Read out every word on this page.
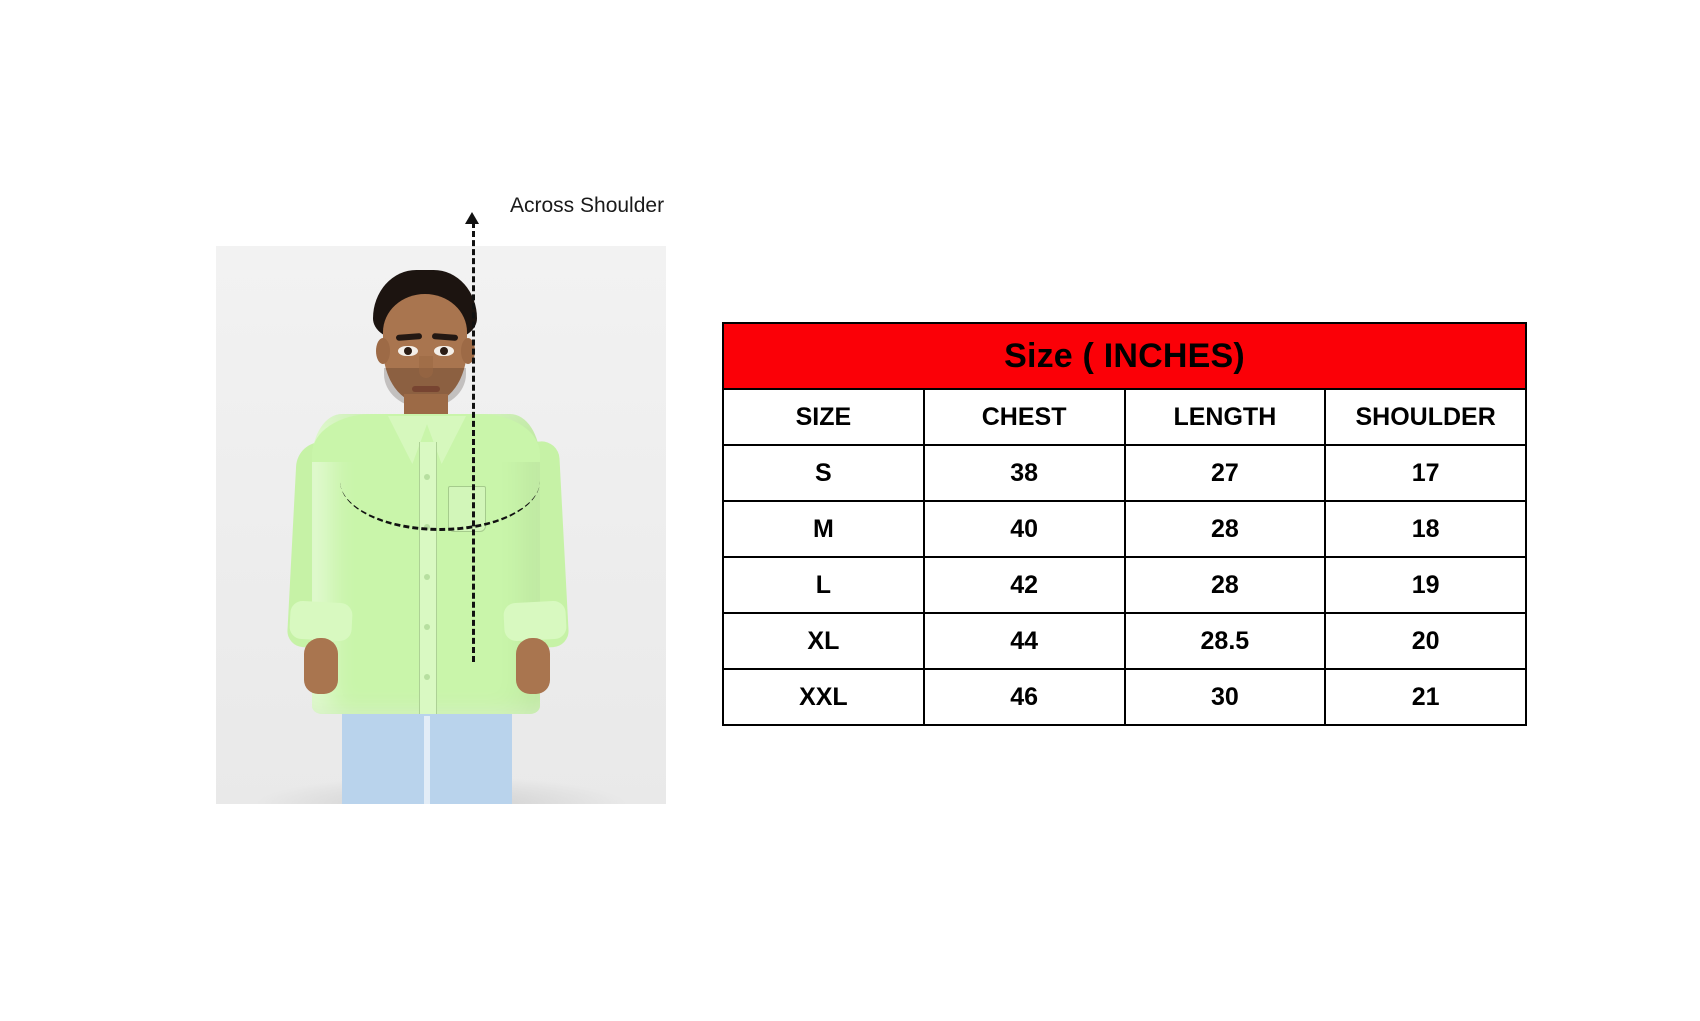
Across Shoulder
Size ( INCHES)			
SIZE	CHEST	LENGTH	SHOULDER
S	38	27	17
M	40	28	18
L	42	28	19
XL	44	28.5	20
XXL	46	30	21
